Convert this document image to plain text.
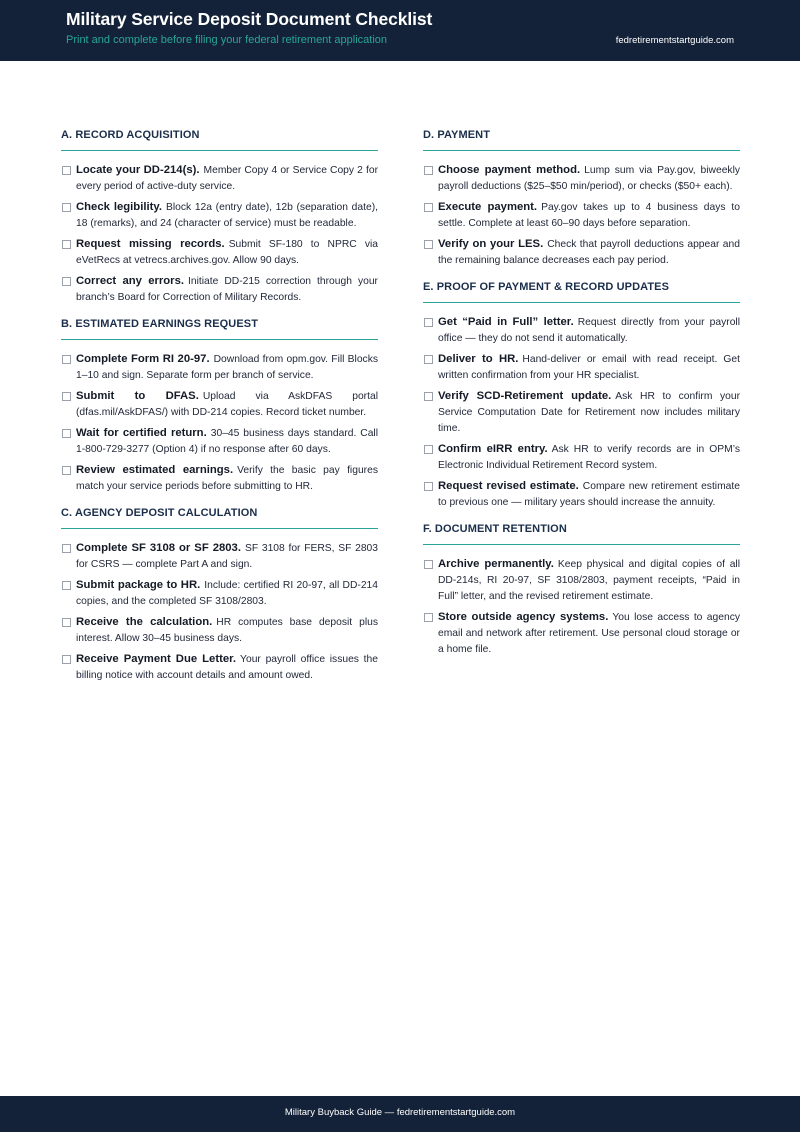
Military Service Deposit Document Checklist
Print and complete before filing your federal retirement application	fedretirementstartguide.com
A. RECORD ACQUISITION
Locate your DD-214(s). Member Copy 4 or Service Copy 2 for every period of active-duty service.
Check legibility. Block 12a (entry date), 12b (separation date), 18 (remarks), and 24 (character of service) must be readable.
Request missing records. Submit SF-180 to NPRC via eVetRecs at vetrecs.archives.gov. Allow 90 days.
Correct any errors. Initiate DD-215 correction through your branch’s Board for Correction of Military Records.
B. ESTIMATED EARNINGS REQUEST
Complete Form RI 20-97. Download from opm.gov. Fill Blocks 1–10 and sign. Separate form per branch of service.
Submit to DFAS. Upload via AskDFAS portal (dfas.mil/AskDFAS/) with DD-214 copies. Record ticket number.
Wait for certified return. 30–45 business days standard. Call 1-800-729-3277 (Option 4) if no response after 60 days.
Review estimated earnings. Verify the basic pay figures match your service periods before submitting to HR.
C. AGENCY DEPOSIT CALCULATION
Complete SF 3108 or SF 2803. SF 3108 for FERS, SF 2803 for CSRS — complete Part A and sign.
Submit package to HR. Include: certified RI 20-97, all DD-214 copies, and the completed SF 3108/2803.
Receive the calculation. HR computes base deposit plus interest. Allow 30–45 business days.
Receive Payment Due Letter. Your payroll office issues the billing notice with account details and amount owed.
D. PAYMENT
Choose payment method. Lump sum via Pay.gov, biweekly payroll deductions ($25–$50 min/period), or checks ($50+ each).
Execute payment. Pay.gov takes up to 4 business days to settle. Complete at least 60–90 days before separation.
Verify on your LES. Check that payroll deductions appear and the remaining balance decreases each pay period.
E. PROOF OF PAYMENT & RECORD UPDATES
Get “Paid in Full” letter. Request directly from your payroll office — they do not send it automatically.
Deliver to HR. Hand-deliver or email with read receipt. Get written confirmation from your HR specialist.
Verify SCD-Retirement update. Ask HR to confirm your Service Computation Date for Retirement now includes military time.
Confirm eIRR entry. Ask HR to verify records are in OPM’s Electronic Individual Retirement Record system.
Request revised estimate. Compare new retirement estimate to previous one — military years should increase the annuity.
F. DOCUMENT RETENTION
Archive permanently. Keep physical and digital copies of all DD-214s, RI 20-97, SF 3108/2803, payment receipts, “Paid in Full” letter, and the revised retirement estimate.
Store outside agency systems. You lose access to agency email and network after retirement. Use personal cloud storage or a home file.
Military Buyback Guide — fedretirementstartguide.com
